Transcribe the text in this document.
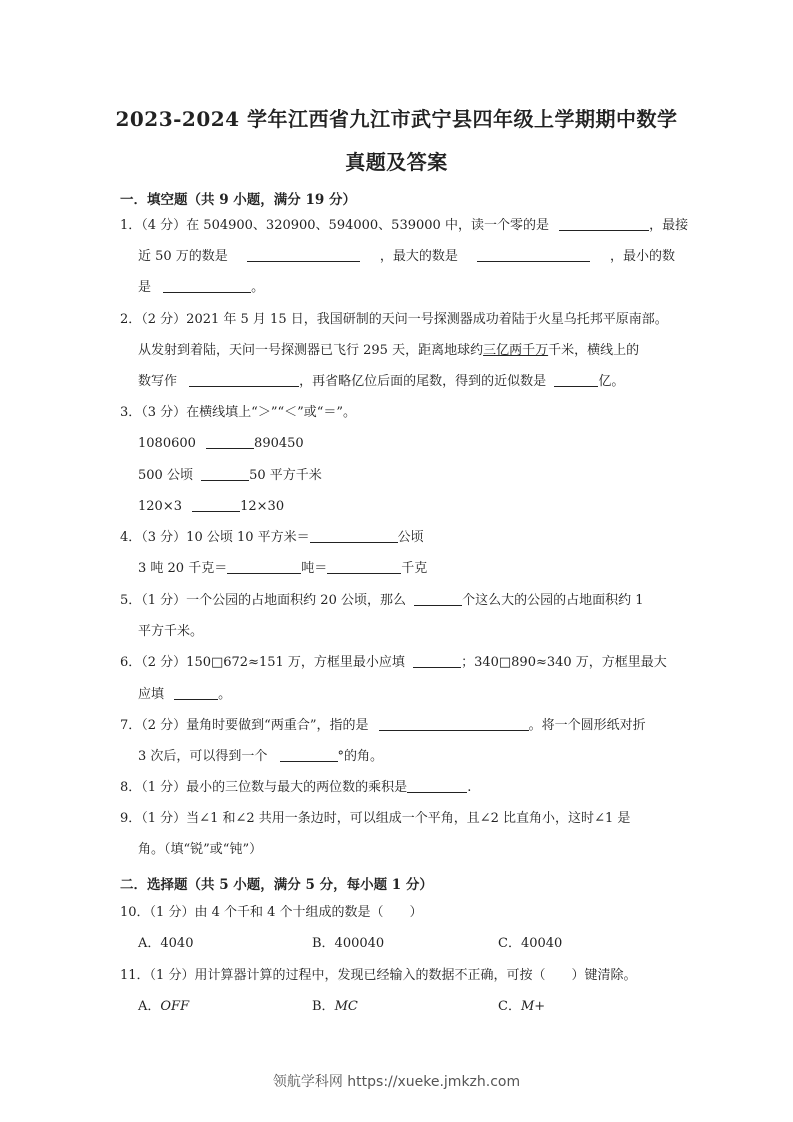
2023-2024 学年江西省九江市武宁县四年级上学期期中数学
真题及答案
一．填空题（共 9 小题，满分 19 分）
1．（4 分）在 504900、320900、594000、539000 中，读一个零的是	，最接
近 50 万的数是	，最大的数是	，最小的数
是	。
2．（2 分）2021 年 5 月 15 日，我国研制的天问一号探测器成功着陆于火星乌托邦平原南部。
从发射到着陆，天问一号探测器已飞行 295 天，距离地球约三亿两千万千米，横线上的
数写作	，再省略亿位后面的尾数，得到的近似数是	亿。
3．（3 分）在横线填上“＞”“＜”或“＝”。
1080600	890450
500 公顷	50 平方千米
120×3	12×30
4．（3 分）10 公顷 10 平方米＝	公顷
3 吨 20 千克＝	吨＝	千克
5．（1 分）一个公园的占地面积约 20 公顷，那么	个这么大的公园的占地面积约 1
平方千米。
6．（2 分）150□672≈151 万，方框里最小应填	；340□890≈340 万，方框里最大
应填	。
7．（2 分）量角时要做到“两重合”，指的是	。将一个圆形纸对折
3 次后，可以得到一个	°的角。
8．（1 分）最小的三位数与最大的两位数的乘积是	.
9．（1 分）当∠1 和∠2 共用一条边时，可以组成一个平角，且∠2 比直角小，这时∠1 是
角。（填“锐”或“钝”）
二．选择题（共 5 小题，满分 5 分，每小题 1 分）
10．（1 分）由 4 个千和 4 个十组成的数是（　　）
A．4040	B．400040	C．40040
11．（1 分）用计算器计算的过程中，发现已经输入的数据不正确，可按（　　）键清除。
A．OFF	B．MC	C．M+
领航学科网 https://xueke.jmkzh.com
